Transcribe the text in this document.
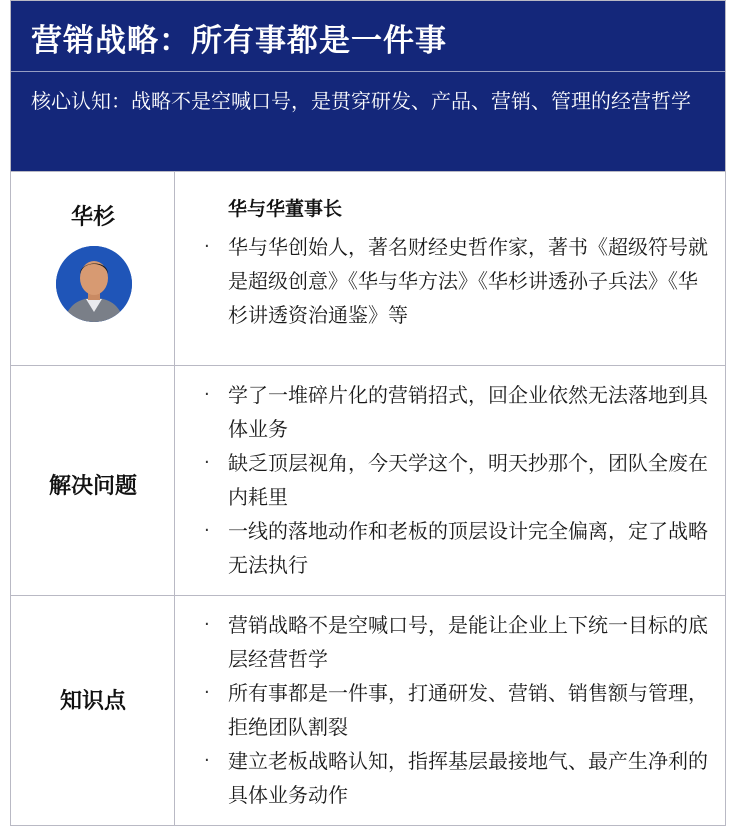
营销战略：所有事都是一件事
核心认知：战略不是空喊口号，是贯穿研发、产品、营销、管理的经营哲学
华杉	华与华董事长
· 华与华创始人，著名财经史哲作家，著书《超级符号就是超级创意》《华与华方法》《华杉讲透孙子兵法》《华杉讲透资治通鉴》等
解决问题
· 学了一堆碎片化的营销招式，回企业依然无法落地到具体业务
· 缺乏顶层视角，今天学这个，明天抄那个，团队全废在内耗里
· 一线的落地动作和老板的顶层设计完全偏离，定了战略无法执行
知识点
· 营销战略不是空喊口号，是能让企业上下统一目标的底层经营哲学
· 所有事都是一件事，打通研发、营销、销售额与管理，拒绝团队割裂
· 建立老板战略认知，指挥基层最接地气、最产生净利的具体业务动作
